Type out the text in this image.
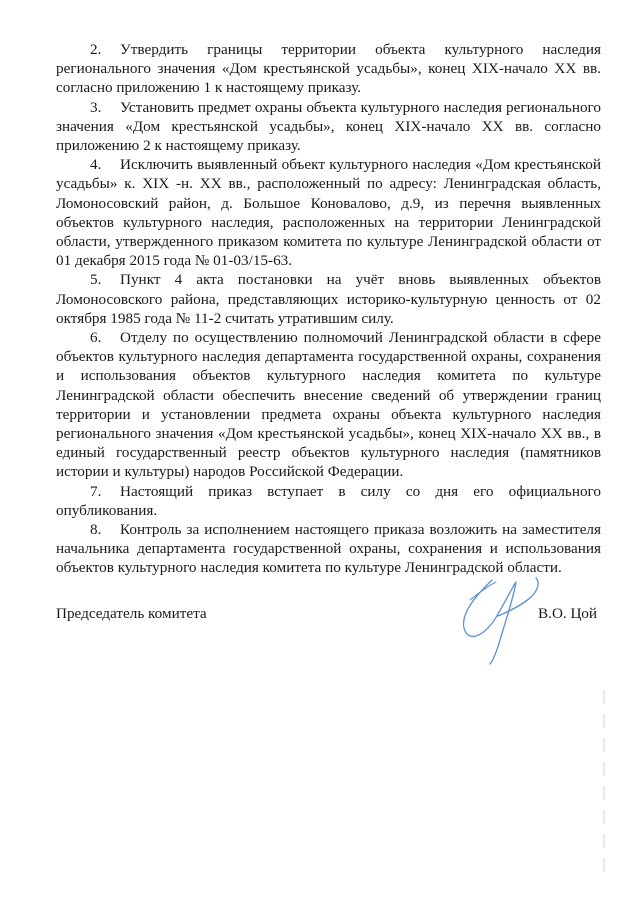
2. Утвердить границы территории объекта культурного наследия регионального значения «Дом крестьянской усадьбы», конец XIX-начало XX вв. согласно приложению 1 к настоящему приказу.

3. Установить предмет охраны объекта культурного наследия регионального значения «Дом крестьянской усадьбы», конец XIX-начало XX вв. согласно приложению 2 к настоящему приказу.

4. Исключить выявленный объект культурного наследия «Дом крестьянской усадьбы» к. XIX -н. XX вв., расположенный по адресу: Ленинградская область, Ломоносовский район, д. Большое Коновалово, д.9, из перечня выявленных объектов культурного наследия, расположенных на территории Ленинградской области, утвержденного приказом комитета по культуре Ленинградской области от 01 декабря 2015 года № 01-03/15-63.

5. Пункт 4 акта постановки на учёт вновь выявленных объектов Ломоносовского района, представляющих историко-культурную ценность от 02 октября 1985 года № 11-2 считать утратившим силу.

6. Отделу по осуществлению полномочий Ленинградской области в сфере объектов культурного наследия департамента государственной охраны, сохранения и использования объектов культурного наследия комитета по культуре Ленинградской области обеспечить внесение сведений об утверждении границ территории и установлении предмета охраны объекта культурного наследия регионального значения «Дом крестьянской усадьбы», конец XIX-начало XX вв., в единый государственный реестр объектов культурного наследия (памятников истории и культуры) народов Российской Федерации.

7. Настоящий приказ вступает в силу со дня его официального опубликования.

8. Контроль за исполнением настоящего приказа возложить на заместителя начальника департамента государственной охраны, сохранения и использования объектов культурного наследия комитета по культуре Ленинградской области.

Председатель комитета	В.О. Цой
